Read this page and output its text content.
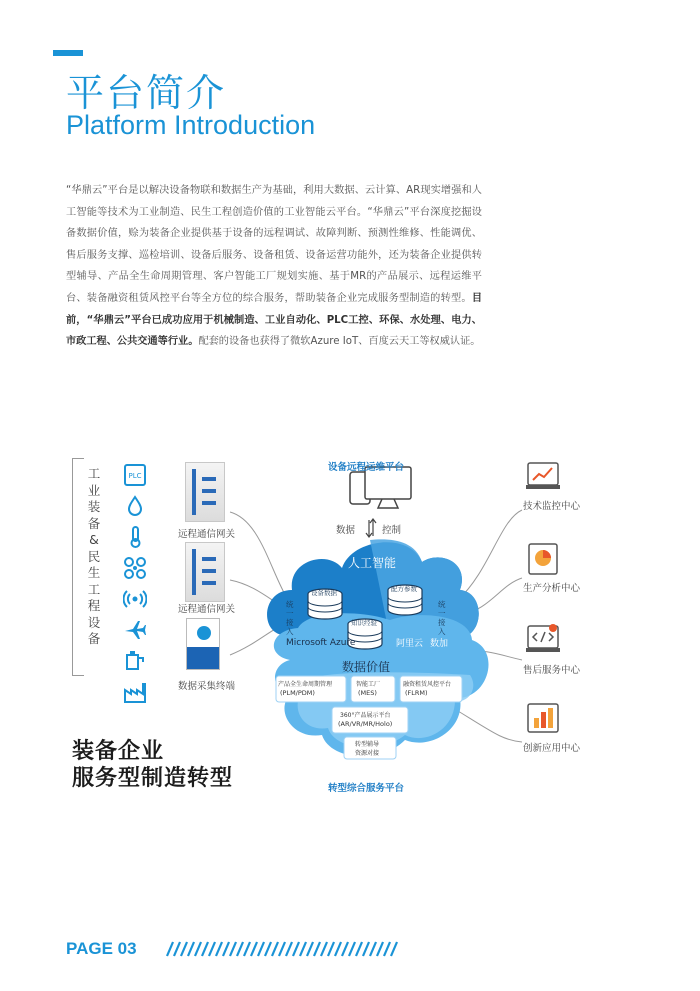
平台简介
Platform Introduction
“华鼎云”平台是以解决设备物联和数据生产为基础，利用大数据、云计算、AR现实增强和人工智能等技术为工业制造、民生工程创造价值的工业智能云平台。“华鼎云”平台深度挖掘设备数据价值，赊为装备企业提供基于设备的远程调试、故障判断、预测性维修、性能调优、售后服务支撑、巡检培训、设备后服务、设备租赁、设备运营功能外，还为装备企业提供转型辅导、产品全生命周期管理、客户智能工厂规划实施、基于MR的产品展示、远程运维平台、装备融资租赁风控平台等全方位的综合服务，帮助装备企业完成服务型制造的转型。目前，“华鼎云”平台已成功应用于机械制造、工业自动化、PLC工控、环保、水处理、电力、市政工程、公共交通等行业。配套的设备也获得了微软Azure IoT、百度云天工等权威认证。
工业装备&民生工程设备
PLC
远程通信网关
远程通信网关
数据采集终端
设备远程运维平台
数据	控制
人工智能
设备数据	配方参数
知识经验
统一接入
统一接入
Microsoft Azure	阿里云 数加
数据价值
产品全生命周期管理
(PLM/PDM)
智能工厂
(MES)
融资租赁风控平台
(FLRM)
360°产品展示平台
(AR/VR/MR/Holo)
转型辅导
资源对接
转型综合服务平台
技术监控中心
生产分析中心
售后服务中心
创新应用中心
装备企业
服务型制造转型
PAGE 03
